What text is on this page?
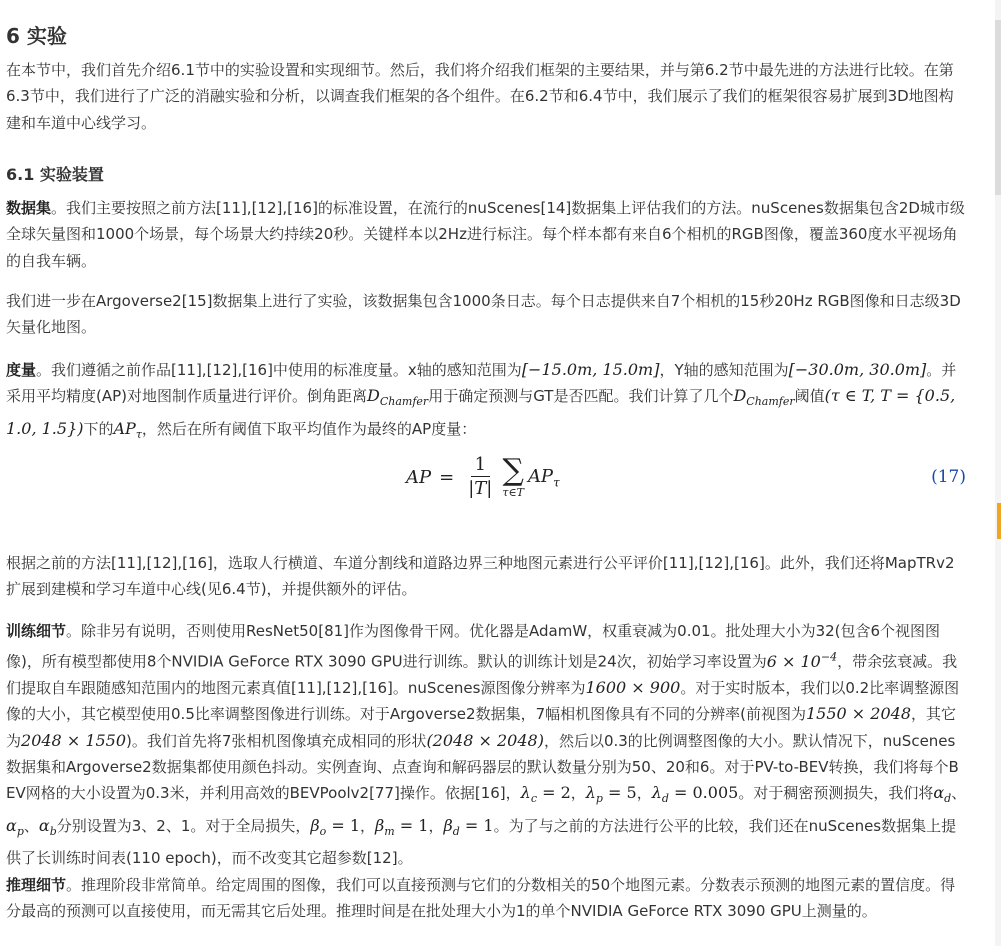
6 实验

在本节中，我们首先介绍6.1节中的实验设置和实现细节。然后，我们将介绍我们框架的主要结果，并与第6.2节中最先进的方法进行比较。在第6.3节中，我们进行了广泛的消融实验和分析，以调查我们框架的各个组件。在6.2节和6.4节中，我们展示了我们的框架很容易扩展到3D地图构建和车道中心线学习。

6.1 实验装置

数据集。我们主要按照之前方法[11],[12],[16]的标准设置，在流行的nuScenes[14]数据集上评估我们的方法。nuScenes数据集包含2D城市级全球矢量图和1000个场景，每个场景大约持续20秒。关键样本以2Hz进行标注。每个样本都有来自6个相机的RGB图像，覆盖360度水平视场角的自我车辆。

我们进一步在Argoverse2[15]数据集上进行了实验，该数据集包含1000条日志。每个日志提供来自7个相机的15秒20Hz RGB图像和日志级3D矢量化地图。

度量。我们遵循之前作品[11],[12],[16]中使用的标准度量。x轴的感知范围为[−15.0m, 15.0m]，Y轴的感知范围为[−30.0m, 30.0m]。并采用平均精度(AP)对地图制作质量进行评价。倒角距离$D_{Chamfer}$用于确定预测与GT是否匹配。我们计算了几个$D_{Chamfer}$阈值(τ ∈ T, T = {0.5, 1.0, 1.5})下的$AP_\tau$，然后在所有阈值下取平均值作为最终的AP度量：

AP = $\frac{1}{|T|}$ ∑
τ∈T
$AP_\tau$	(17)

根据之前的方法[11],[12],[16]，选取人行横道、车道分割线和道路边界三种地图元素进行公平评价[11],[12],[16]。此外，我们还将MapTRv2扩展到建模和学习车道中心线(见6.4节)，并提供额外的评估。

训练细节。除非另有说明，否则使用ResNet50[81]作为图像骨干网。优化器是AdamW，权重衰减为0.01。批处理大小为32(包含6个视图图像)，所有模型都使用8个NVIDIA GeForce RTX 3090 GPU进行训练。默认的训练计划是24次，初始学习率设置为$6 \times 10^{-4}$，带余弦衰减。我们提取自车跟随感知范围内的地图元素真值[11],[12],[16]。nuScenes源图像分辨率为1600 × 900。对于实时版本，我们以0.2比率调整源图像的大小，其它模型使用0.5比率调整图像进行训练。对于Argoverse2数据集，7幅相机图像具有不同的分辨率(前视图为1550 × 2048，其它为2048 × 1550)。我们首先将7张相机图像填充成相同的形状(2048 × 2048)，然后以0.3的比例调整图像的大小。默认情况下，nuScenes数据集和Argoverse2数据集都使用颜色抖动。实例查询、点查询和解码器层的默认数量分别为50、20和6。对于PV-to-BEV转换，我们将每个BEV网格的大小设置为0.3米，并利用高效的BEVPoolv2[77]操作。依据[16]，$\lambda_c = 2$，$\lambda_p = 5$，$\lambda_d = 0.005$。对于稠密预测损失，我们将$\alpha_d$、$\alpha_p$、$\alpha_b$分别设置为3、2、1。对于全局损失，$\beta_o = 1$，$\beta_m = 1$，$\beta_d = 1$。为了与之前的方法进行公平的比较，我们还在nuScenes数据集上提供了长训练时间表(110 epoch)，而不改变其它超参数[12]。

推理细节。推理阶段非常简单。给定周围的图像，我们可以直接预测与它们的分数相关的50个地图元素。分数表示预测的地图元素的置信度。得分最高的预测可以直接使用，而无需其它后处理。推理时间是在批处理大小为1的单个NVIDIA GeForce RTX 3090 GPU上测量的。
